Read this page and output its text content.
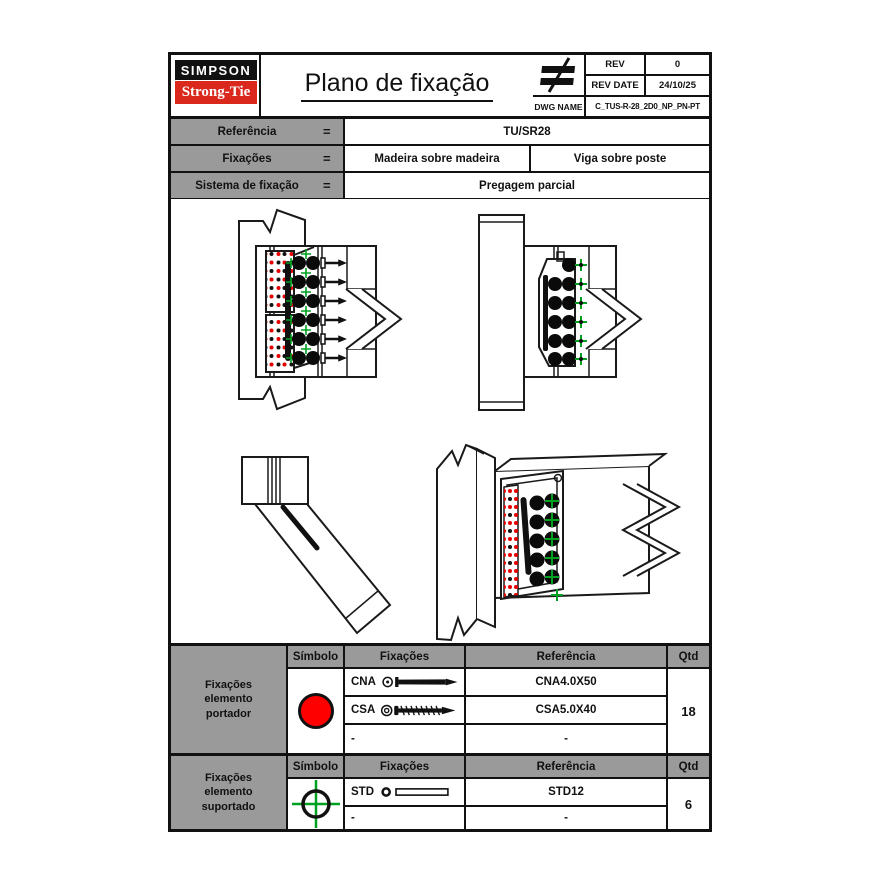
SIMPSON
Strong-Tie Plano de fixação
REV	0
REV DATE	24/10/25
DWG NAME	C_TUS-R-28_2D0_NP_PN-PT
Referência	=	TU/SR28
Fixações	=	Madeira sobre madeira	Viga sobre poste
Sistema de fixação	=	Pregagem parcial
Fixações elemento portador
Símbolo	Fixações	Referência	Qtd
CNA	CNA4.0X50
CSA	CSA5.0X40
-	-
18
Fixações elemento suportado
Símbolo	Fixações	Referência	Qtd
STD	STD12
-	-
6
